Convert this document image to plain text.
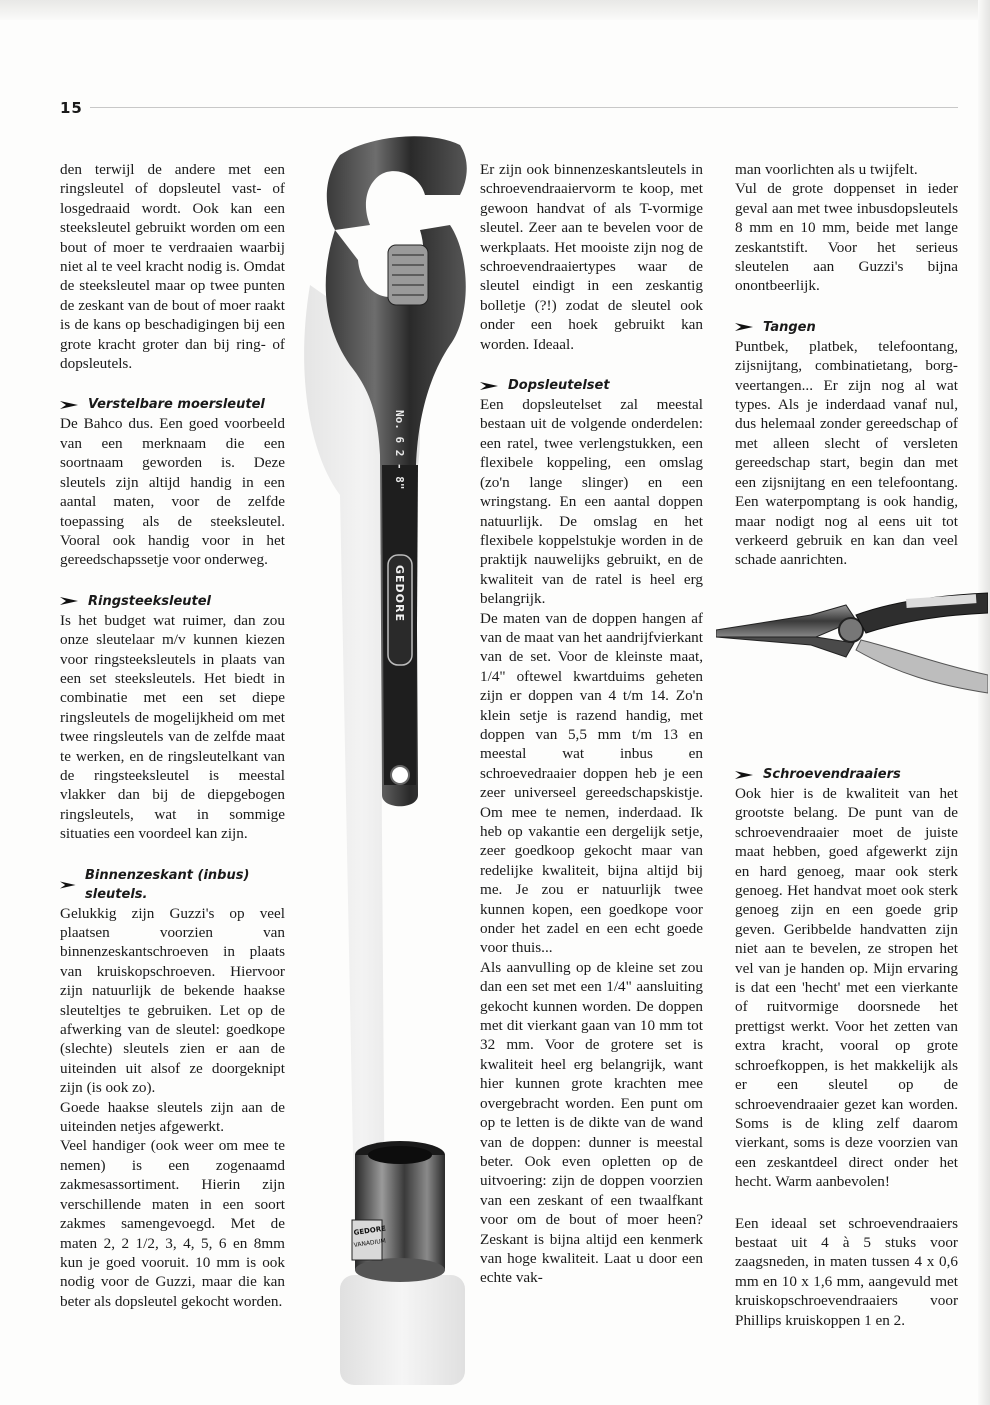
15
No. 6 2 - 8"
GEDORE
GEDORE
VANADIUM

den terwijl de andere met een ringsleutel of dopsleutel vast- of losgedraaid wordt. Ook kan een steeksleutel gebruikt worden om een bout of moer te verdraaien waarbij niet al te veel kracht nodig is. Omdat de steeksleutel maar op twee punten de zeskant van de bout of moer raakt is de kans op beschadigingen bij een grote kracht groter dan bij ring- of dopsleutels.

Verstelbare moersleutel

De Bahco dus. Een goed voorbeeld van een merknaam die een soortnaam geworden is. Deze sleutels zijn altijd handig in een aantal maten, voor de zelfde toepassing als de steeksleutel. Vooral ook handig voor in het gereedschapssetje voor onderweg.

Ringsteeksleutel

Is het budget wat ruimer, dan zou onze sleutelaar m/v kunnen kiezen voor ringsteeksleutels in plaats van een set steeksleutels. Het biedt in combinatie met een set diepe ringsleutels de mogelijkheid om met twee ringsleutels van de zelfde maat te werken, en de ringsleutelkant van de ringsteeksleutel is meestal vlakker dan bij de diepgebogen ringsleutels, wat in sommige situaties een voordeel kan zijn.

Binnenzeskant (inbus) sleutels.

Gelukkig zijn Guzzi's op veel plaatsen voorzien van binnenzeskantschroeven in plaats van kruiskopschroeven. Hiervoor zijn natuurlijk de bekende haakse sleuteltjes te gebruiken. Let op de afwerking van de sleutel: goedkope (slechte) sleutels zien er aan de uiteinden uit alsof ze doorgeknipt zijn (is ook zo).

Goede haakse sleutels zijn aan de uiteinden netjes afgewerkt.

Veel handiger (ook weer om mee te nemen) is een zogenaamd zakmesassortiment. Hierin zijn verschillende maten in een soort zakmes samengevoegd. Met de maten 2, 2 1/2, 3, 4, 5, 6 en 8mm kun je goed vooruit. 10 mm is ook nodig voor de Guzzi, maar die kan beter als dopsleutel gekocht worden.

Er zijn ook binnenzeskantsleutels in schroevendraaiervorm te koop, met gewoon handvat of als T-vormige sleutel. Zeer aan te bevelen voor de werkplaats. Het mooiste zijn nog de schroevendraaiertypes waar de sleutel eindigt in een zeskantig bolletje (?!) zodat de sleutel ook onder een hoek gebruikt kan worden. Ideaal.

Dopsleutelset

Een dopsleutelset zal meestal bestaan uit de volgende onderdelen: een ratel, twee verlengstukken, een flexibele koppeling, een omslag (zo'n lange slinger) en een wringstang. En een aantal doppen natuurlijk. De omslag en het flexibele koppelstukje worden in de praktijk nauwelijks gebruikt, en de kwaliteit van de ratel is heel erg belangrijk.

De maten van de doppen hangen af van de maat van het aandrijfvierkant van de set. Voor de kleinste maat, 1/4" oftewel kwartduims geheten zijn er doppen van 4 t/m 14. Zo'n klein setje is razend handig, met doppen van 5,5 mm t/m 13 en meestal wat inbus en schroevedraaier doppen heb je een zeer universeel gereedschapskistje. Om mee te nemen, inderdaad. Ik heb op vakantie een dergelijk setje, zeer goedkoop gekocht maar van redelijke kwaliteit, bijna altijd bij me. Je zou er natuurlijk twee kunnen kopen, een goedkope voor onder het zadel en een echt goede voor thuis...

Als aanvulling op de kleine set zou dan een set met een 1/4" aansluiting gekocht kunnen worden. De doppen met dit vierkant gaan van 10 mm tot 32 mm. Voor de grotere set is kwaliteit heel erg belangrijk, want hier kunnen grote krachten mee overgebracht worden. Een punt om op te letten is de dikte van de wand van de doppen: dunner is meestal beter. Ook even opletten op de uitvoering: zijn de doppen voorzien van een zeskant of een twaalfkant voor om de bout of moer heen? Zeskant is bijna altijd een kenmerk van hoge kwaliteit. Laat u door een echte vak-

man voorlichten als u twijfelt.

Vul de grote doppenset in ieder geval aan met twee inbusdopsleutels 8 mm en 10 mm, beide met lange zeskantstift. Voor het serieus sleutelen aan Guzzi's bijna onontbeerlijk.

Tangen

Puntbek, platbek, telefoontang, zijsnijtang, combinatietang, borg- veertangen... Er zijn nog al wat types. Als je inderdaad vanaf nul, dus helemaal zonder gereedschap of met alleen slecht of versleten gereedschap start, begin dan met een zijsnijtang en een telefoontang. Een waterpomptang is ook handig, maar nodigt nog al eens uit tot verkeerd gebruik en kan dan veel schade aanrichten.

Schroevendraaiers

Ook hier is de kwaliteit van het grootste belang. De punt van de schroevendraaier moet de juiste maat hebben, goed afgewerkt zijn en hard genoeg, maar ook sterk genoeg. Het handvat moet ook sterk genoeg zijn en een goede grip geven. Geribbelde handvatten zijn niet aan te bevelen, ze stropen het vel van je handen op. Mijn ervaring is dat een 'hecht' met een vierkante of ruitvormige doorsnede het prettigst werkt. Voor het zetten van extra kracht, vooral op grote schroefkoppen, is het makkelijk als er een sleutel op de schroevendraaier gezet kan worden. Soms is de kling zelf daarom vierkant, soms is deze voorzien van een zeskantdeel direct onder het hecht. Warm aanbevolen!

Een ideaal set schroevendraaiers bestaat uit 4 à 5 stuks voor zaagsneden, in maten tussen 4 x 0,6 mm en 10 x 1,6 mm, aangevuld met kruiskopschroevendraaiers voor Phillips kruiskoppen 1 en 2.
